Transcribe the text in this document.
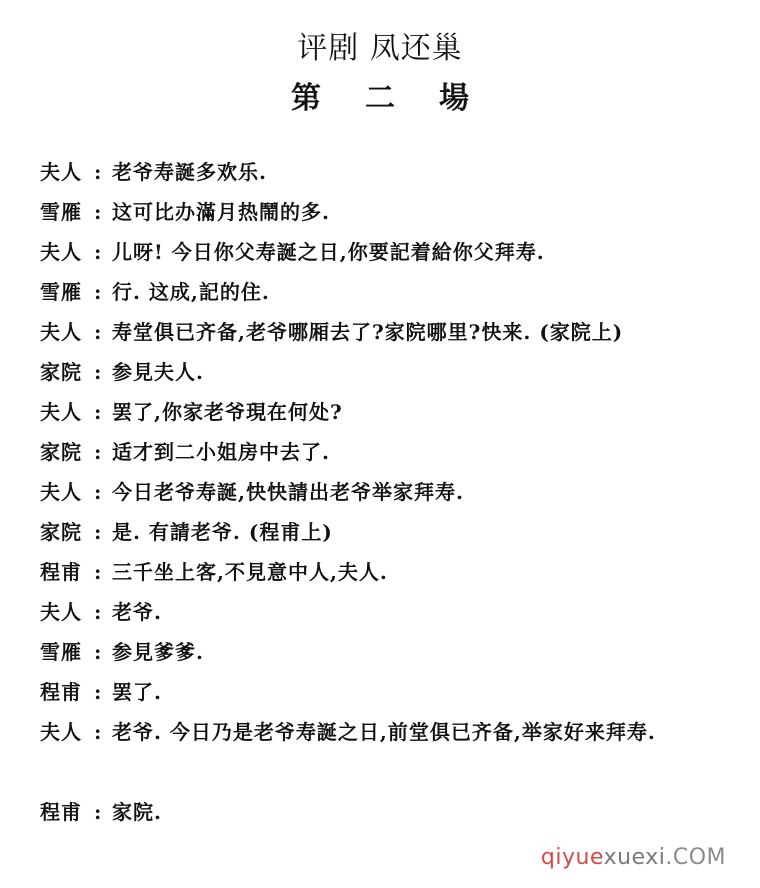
评剧 凤还巢
第二場
夫人 : 老爷寿誕多欢乐.
雪雁 : 这可比办滿月热鬧的多.
夫人 : 儿呀! 今日你父寿誕之日,你要記着給你父拜寿.
雪雁 : 行. 这成,記的住.
夫人 : 寿堂俱已齐备,老爷哪厢去了?家院哪里?快来. (家院上)
家院 : 参見夫人.
夫人 : 罢了,你家老爷現在何处?
家院 : 适才到二小姐房中去了.
夫人 : 今日老爷寿誕,快快請出老爷举家拜寿.
家院 : 是. 有請老爷. (程甫上)
程甫 : 三千坐上客,不見意中人,夫人.
夫人 : 老爷.
雪雁 : 参見爹爹.
程甫 : 罢了.
夫人 : 老爷. 今日乃是老爷寿誕之日,前堂俱已齐备,举家好来拜寿.
程甫 : 家院.
qiyuexuexi.COM
